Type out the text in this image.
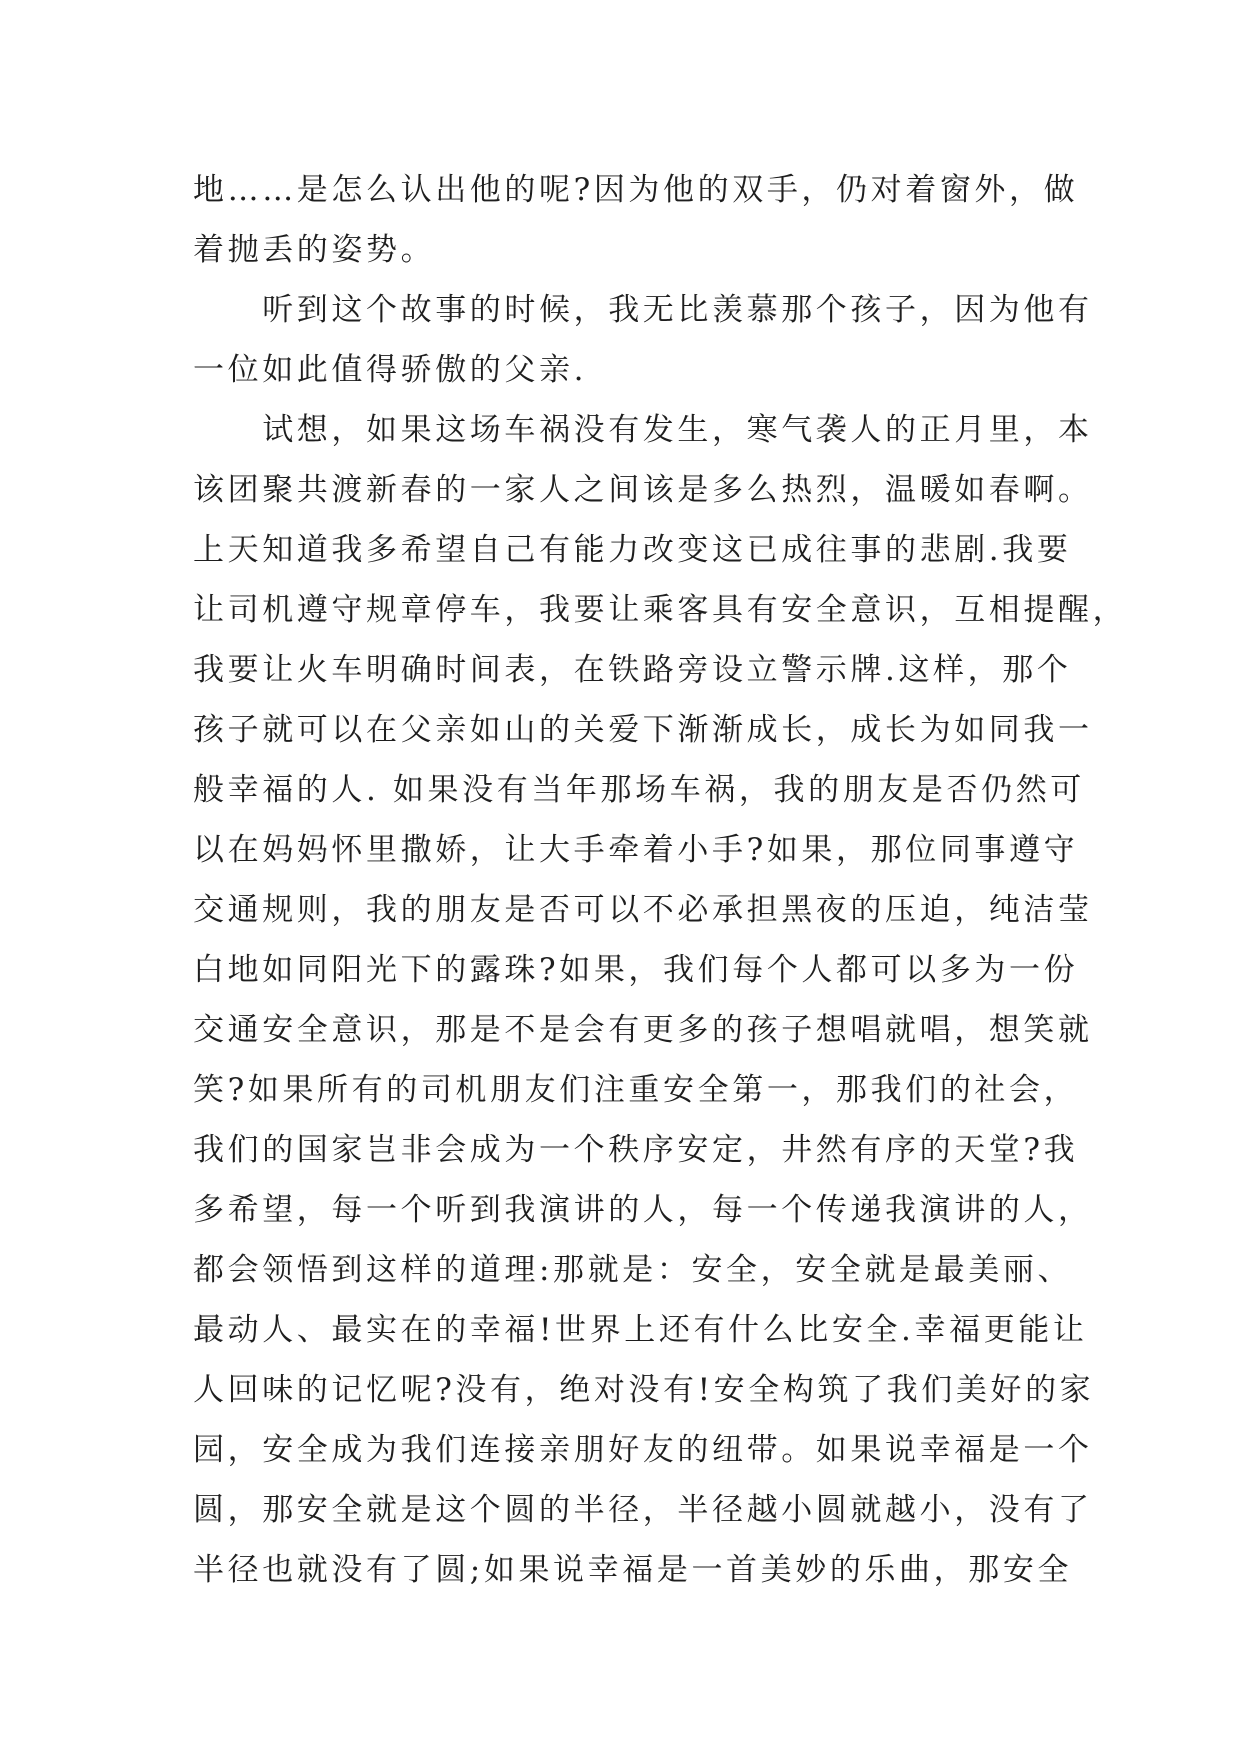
地……是怎么认出他的呢?因为他的双手，仍对着窗外，做
着抛丢的姿势。
　　听到这个故事的时候，我无比羡慕那个孩子，因为他有
一位如此值得骄傲的父亲.
　　试想，如果这场车祸没有发生，寒气袭人的正月里，本
该团聚共渡新春的一家人之间该是多么热烈，温暖如春啊。
上天知道我多希望自己有能力改变这已成往事的悲剧.我要
让司机遵守规章停车，我要让乘客具有安全意识，互相提醒，
我要让火车明确时间表，在铁路旁设立警示牌.这样，那个
孩子就可以在父亲如山的关爱下渐渐成长，成长为如同我一
般幸福的人. 如果没有当年那场车祸，我的朋友是否仍然可
以在妈妈怀里撒娇，让大手牵着小手?如果，那位同事遵守
交通规则，我的朋友是否可以不必承担黑夜的压迫，纯洁莹
白地如同阳光下的露珠?如果，我们每个人都可以多为一份
交通安全意识，那是不是会有更多的孩子想唱就唱，想笑就
笑?如果所有的司机朋友们注重安全第一，那我们的社会，
我们的国家岂非会成为一个秩序安定，井然有序的天堂?我
多希望，每一个听到我演讲的人，每一个传递我演讲的人，
都会领悟到这样的道理:那就是：安全，安全就是最美丽、
最动人、最实在的幸福!世界上还有什么比安全.幸福更能让
人回味的记忆呢?没有，绝对没有!安全构筑了我们美好的家
园，安全成为我们连接亲朋好友的纽带。如果说幸福是一个
圆，那安全就是这个圆的半径，半径越小圆就越小，没有了
半径也就没有了圆;如果说幸福是一首美妙的乐曲，那安全
